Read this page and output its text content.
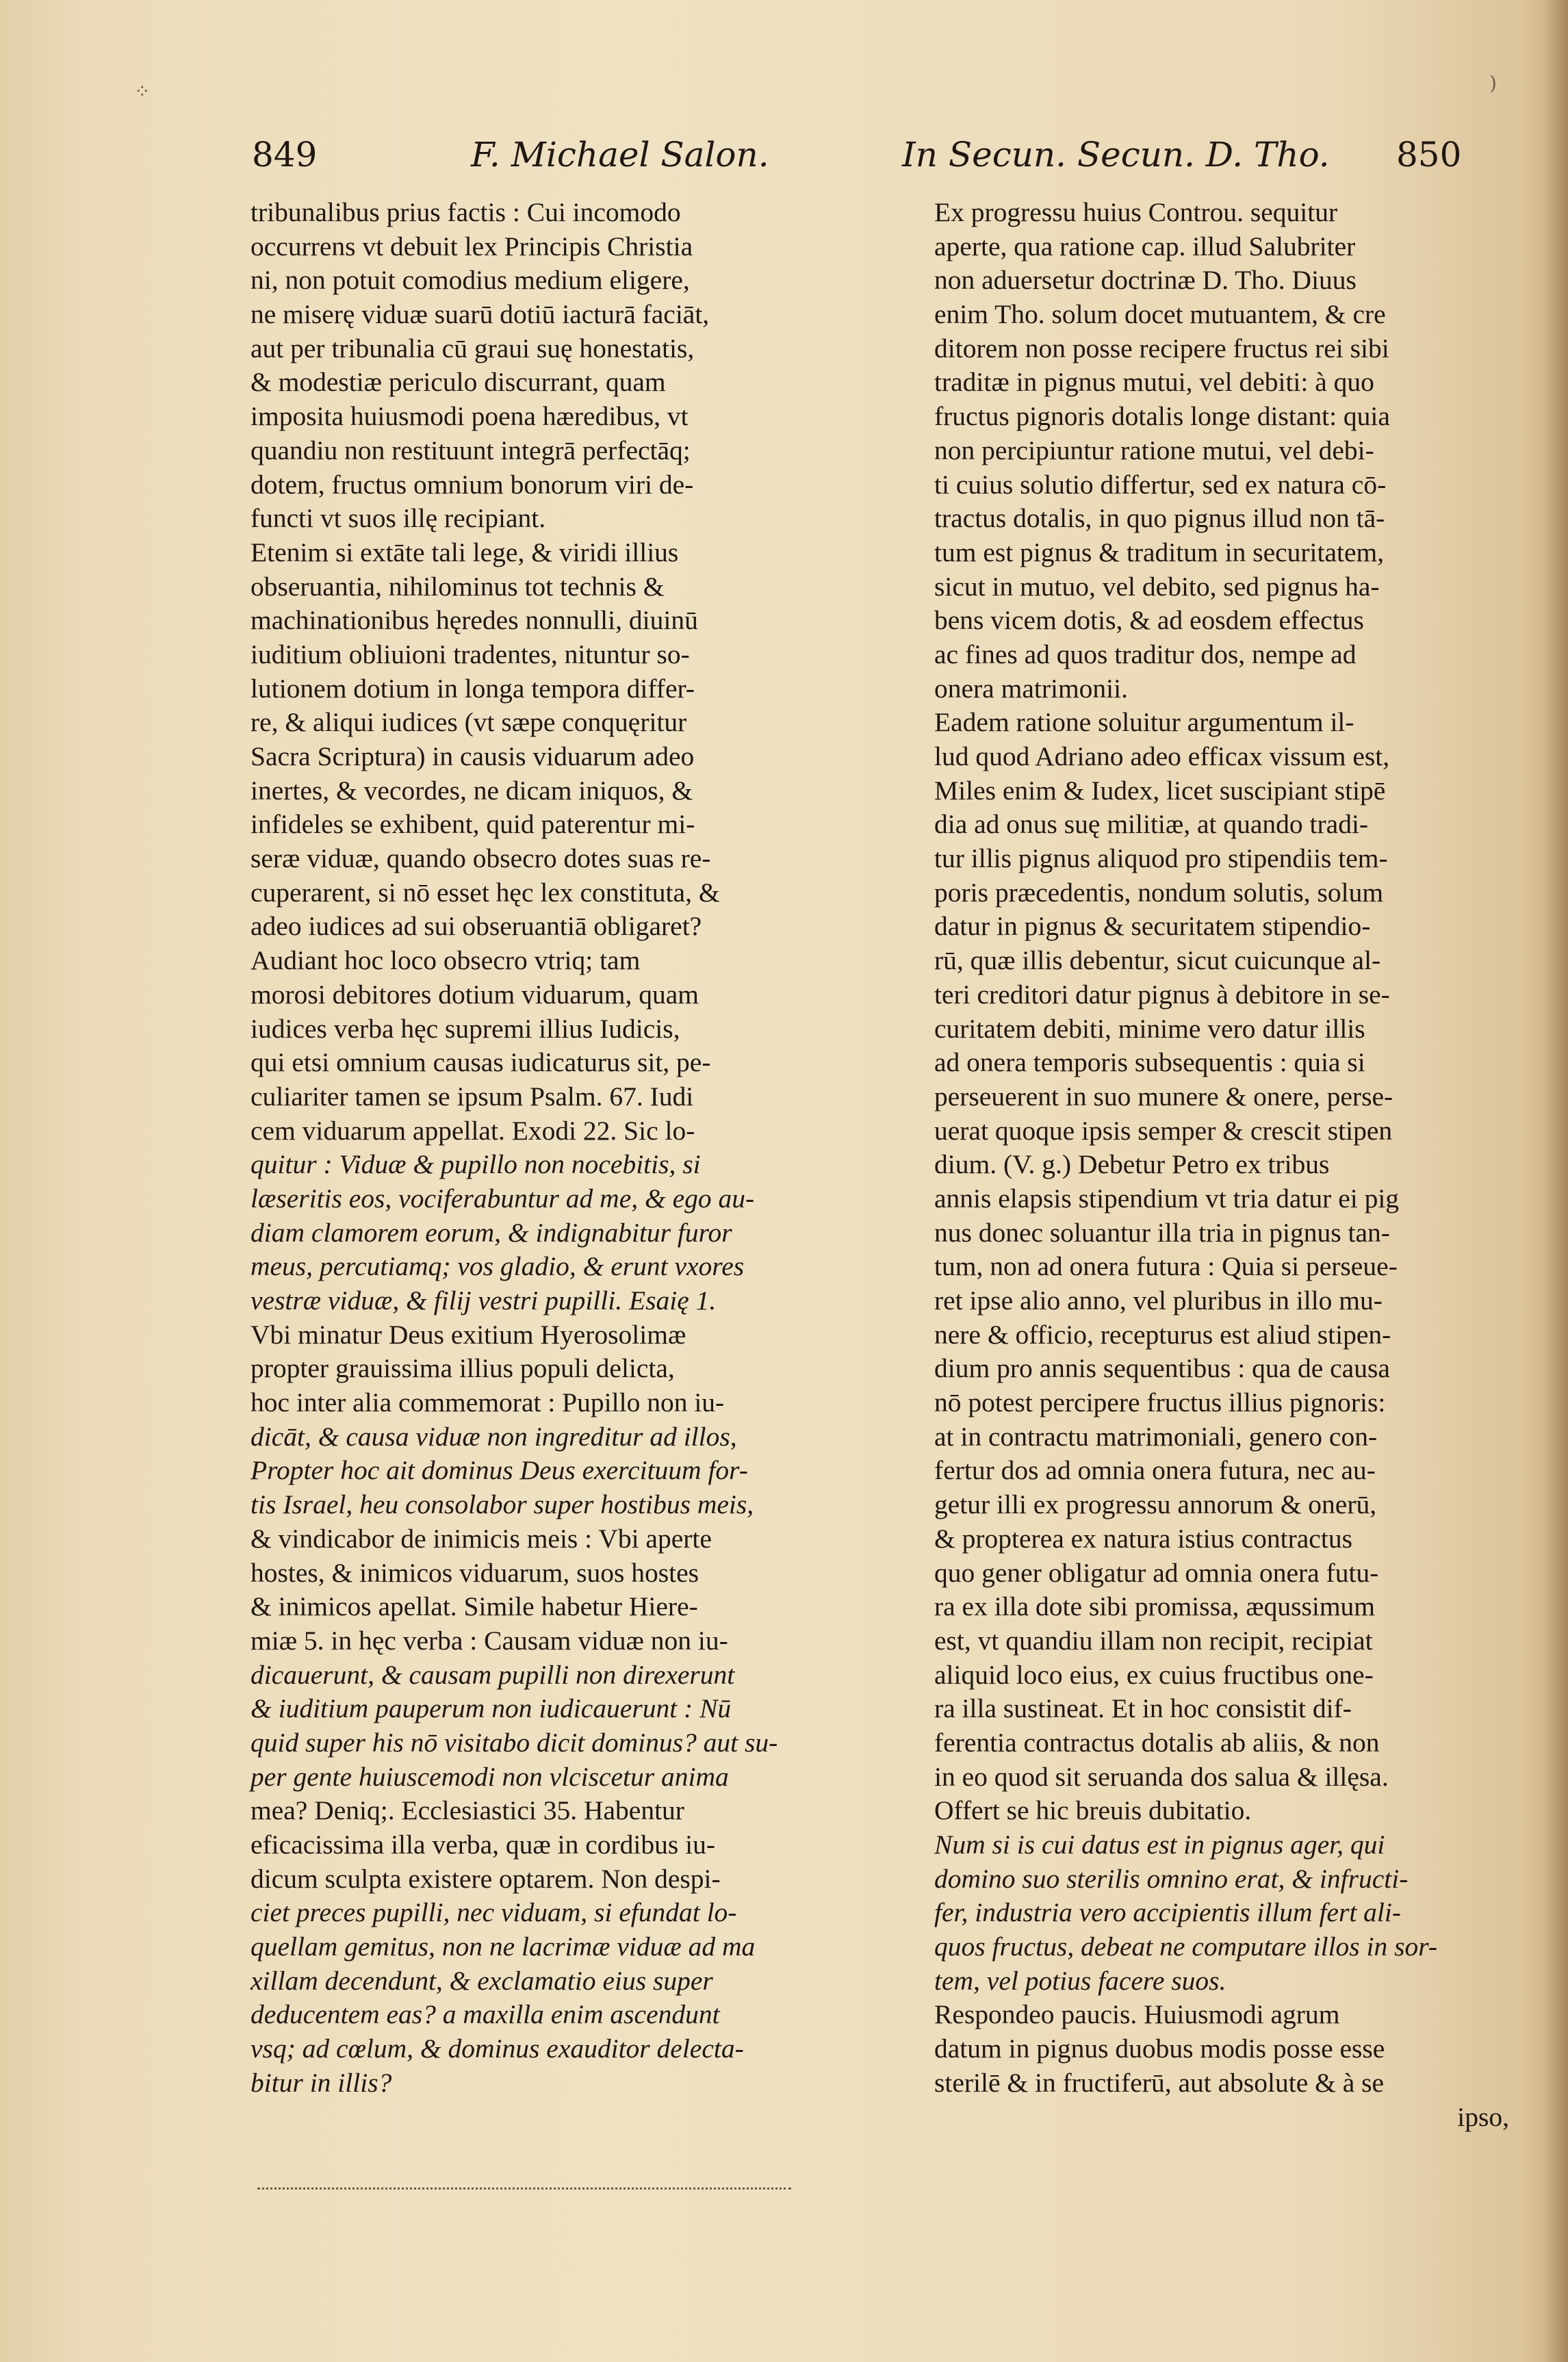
⁘	)
849	F. Michael Salon.	In Secun. Secun. D. Tho. 850
tribunalibus prius factis : Cui incomodo
occurrens vt debuit lex Principis Christia
ni, non potuit comodius medium eligere,
ne miserę viduæ suarū dotiū iacturā faciāt,
aut per tribunalia cū graui suę honestatis,
& modestiæ periculo discurrant, quam
imposita huiusmodi poena hæredibus, vt
quandiu non restituunt integrā perfectāq;
dotem, fructus omnium bonorum viri de-
functi vt suos illę recipiant.
Etenim si extāte tali lege, & viridi illius
obseruantia, nihilominus tot technis &
machinationibus hęredes nonnulli, diuinū
iuditium obliuioni tradentes, nituntur so-
lutionem dotium in longa tempora differ-
re, & aliqui iudices (vt sæpe conquęritur
Sacra Scriptura) in causis viduarum adeo
inertes, & vecordes, ne dicam iniquos, &
infideles se exhibent, quid paterentur mi-
seræ viduæ, quando obsecro dotes suas re-
cuperarent, si nō esset hęc lex constituta, &
adeo iudices ad sui obseruantiā obligaret?
Audiant hoc loco obsecro vtriq; tam
morosi debitores dotium viduarum, quam
iudices verba hęc supremi illius Iudicis,
qui etsi omnium causas iudicaturus sit, pe-
culiariter tamen se ipsum Psalm. 67. Iudi
cem viduarum appellat. Exodi 22. Sic lo-
quitur : Viduæ & pupillo non nocebitis, si
læseritis eos, vociferabuntur ad me, & ego au-
diam clamorem eorum, & indignabitur furor
meus, percutiamq; vos gladio, & erunt vxores
vestræ viduæ, & filij vestri pupilli. Esaię 1.
Vbi minatur Deus exitium Hyerosolimæ
propter grauissima illius populi delicta,
hoc inter alia commemorat : Pupillo non iu-
dicāt, & causa viduæ non ingreditur ad illos,
Propter hoc ait dominus Deus exercituum for-
tis Israel, heu consolabor super hostibus meis,
& vindicabor de inimicis meis : Vbi aperte
hostes, & inimicos viduarum, suos hostes
& inimicos apellat. Simile habetur Hiere-
miæ 5. in hęc verba : Causam viduæ non iu-
dicauerunt, & causam pupilli non direxerunt
& iuditium pauperum non iudicauerunt : Nū
quid super his nō visitabo dicit dominus? aut su-
per gente huiuscemodi non vlciscetur anima
mea? Deniq;. Ecclesiastici 35. Habentur
eficacissima illa verba, quæ in cordibus iu-
dicum sculpta existere optarem. Non despi-
ciet preces pupilli, nec viduam, si efundat lo-
quellam gemitus, non ne lacrimæ viduæ ad ma
xillam decendunt, & exclamatio eius super
deducentem eas? a maxilla enim ascendunt
vsq; ad cœlum, & dominus exauditor delecta-
bitur in illis?
Ex progressu huius Controu. sequitur
aperte, qua ratione cap. illud Salubriter
non aduersetur doctrinæ D. Tho. Diuus
enim Tho. solum docet mutuantem, & cre
ditorem non posse recipere fructus rei sibi
traditæ in pignus mutui, vel debiti: à quo
fructus pignoris dotalis longe distant: quia
non percipiuntur ratione mutui, vel debi-
ti cuius solutio differtur, sed ex natura cō-
tractus dotalis, in quo pignus illud non tā-
tum est pignus & traditum in securitatem,
sicut in mutuo, vel debito, sed pignus ha-
bens vicem dotis, & ad eosdem effectus
ac fines ad quos traditur dos, nempe ad
onera matrimonii.
Eadem ratione soluitur argumentum il-
lud quod Adriano adeo efficax vissum est,
Miles enim & Iudex, licet suscipiant stipē
dia ad onus suę militiæ, at quando tradi-
tur illis pignus aliquod pro stipendiis tem-
poris præcedentis, nondum solutis, solum
datur in pignus & securitatem stipendio-
rū, quæ illis debentur, sicut cuicunque al-
teri creditori datur pignus à debitore in se-
curitatem debiti, minime vero datur illis
ad onera temporis subsequentis : quia si
perseuerent in suo munere & onere, perse-
uerat quoque ipsis semper & crescit stipen
dium. (V. g.) Debetur Petro ex tribus
annis elapsis stipendium vt tria datur ei pig
nus donec soluantur illa tria in pignus tan-
tum, non ad onera futura : Quia si perseue-
ret ipse alio anno, vel pluribus in illo mu-
nere & officio, recepturus est aliud stipen-
dium pro annis sequentibus : qua de causa
nō potest percipere fructus illius pignoris:
at in contractu matrimoniali, genero con-
fertur dos ad omnia onera futura, nec au-
getur illi ex progressu annorum & onerū,
& propterea ex natura istius contractus
quo gener obligatur ad omnia onera futu-
ra ex illa dote sibi promissa, æqussimum
est, vt quandiu illam non recipit, recipiat
aliquid loco eius, ex cuius fructibus one-
ra illa sustineat. Et in hoc consistit dif-
ferentia contractus dotalis ab aliis, & non
in eo quod sit seruanda dos salua & illęsa.
Offert se hic breuis dubitatio.
Num si is cui datus est in pignus ager, qui
domino suo sterilis omnino erat, & infructi-
fer, industria vero accipientis illum fert ali-
quos fructus, debeat ne computare illos in sor-
tem, vel potius facere suos.
Respondeo paucis. Huiusmodi agrum
datum in pignus duobus modis posse esse
sterilē & in fructiferū, aut absolute & à se
ipso,
